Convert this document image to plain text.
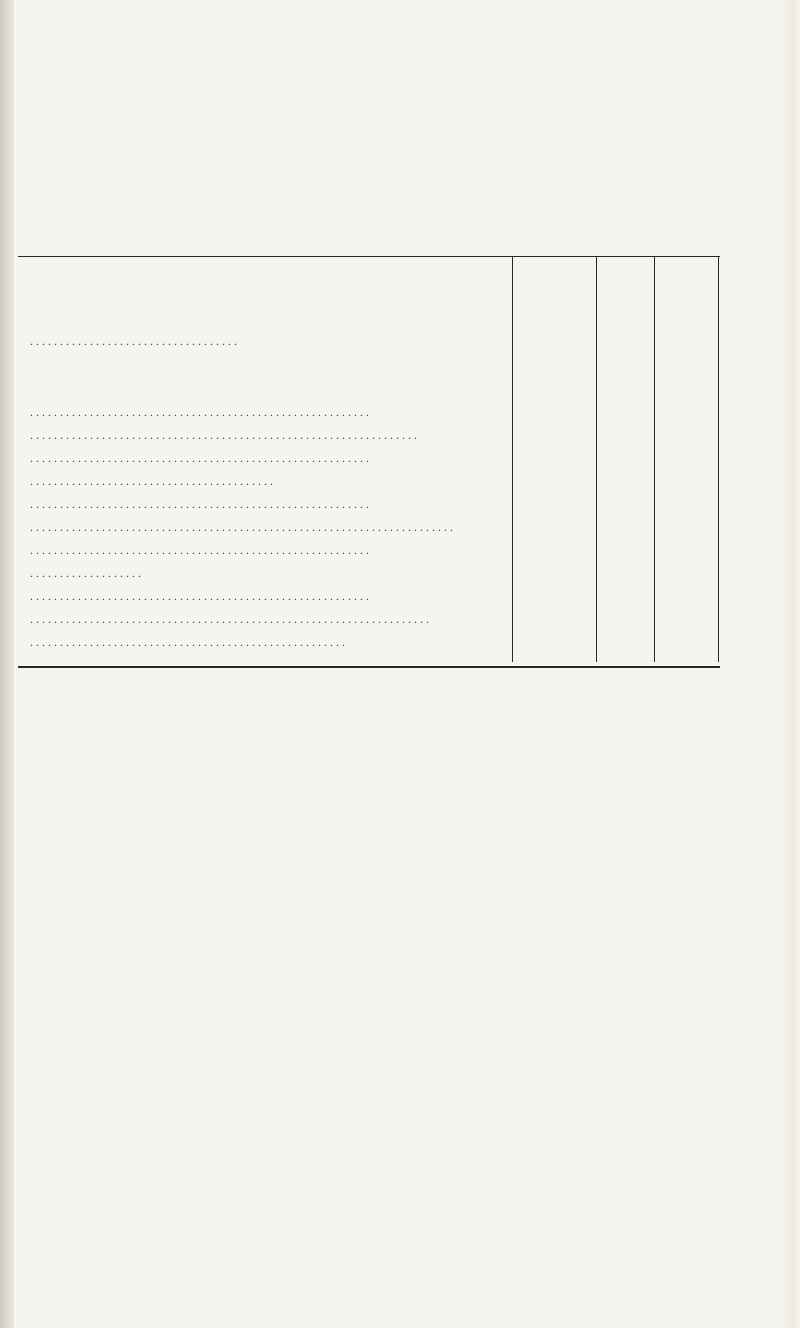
...................................
.........................................................
.................................................................
.........................................................
.........................................
.........................................................
.......................................................................
.........................................................
...................
.........................................................
...................................................................
.....................................................
